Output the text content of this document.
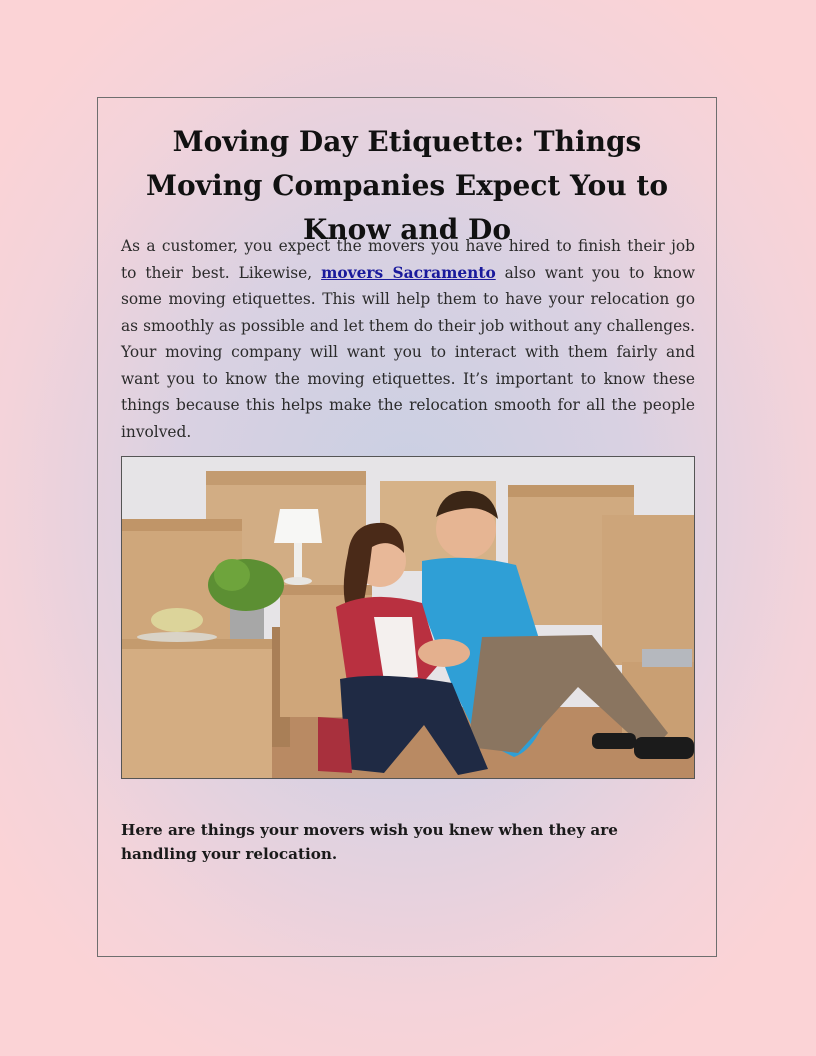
Moving Day Etiquette: Things Moving Companies Expect You to Know and Do

As a customer, you expect the movers you have hired to finish their job to their best. Likewise, movers Sacramento also want you to know some moving etiquettes. This will help them to have your relocation go as smoothly as possible and let them do their job without any challenges. Your moving company will want you to interact with them fairly and want you to know the moving etiquettes. It’s important to know these things because this helps make the relocation smooth for all the people involved.

Here are things your movers wish you knew when they are handling your relocation.
